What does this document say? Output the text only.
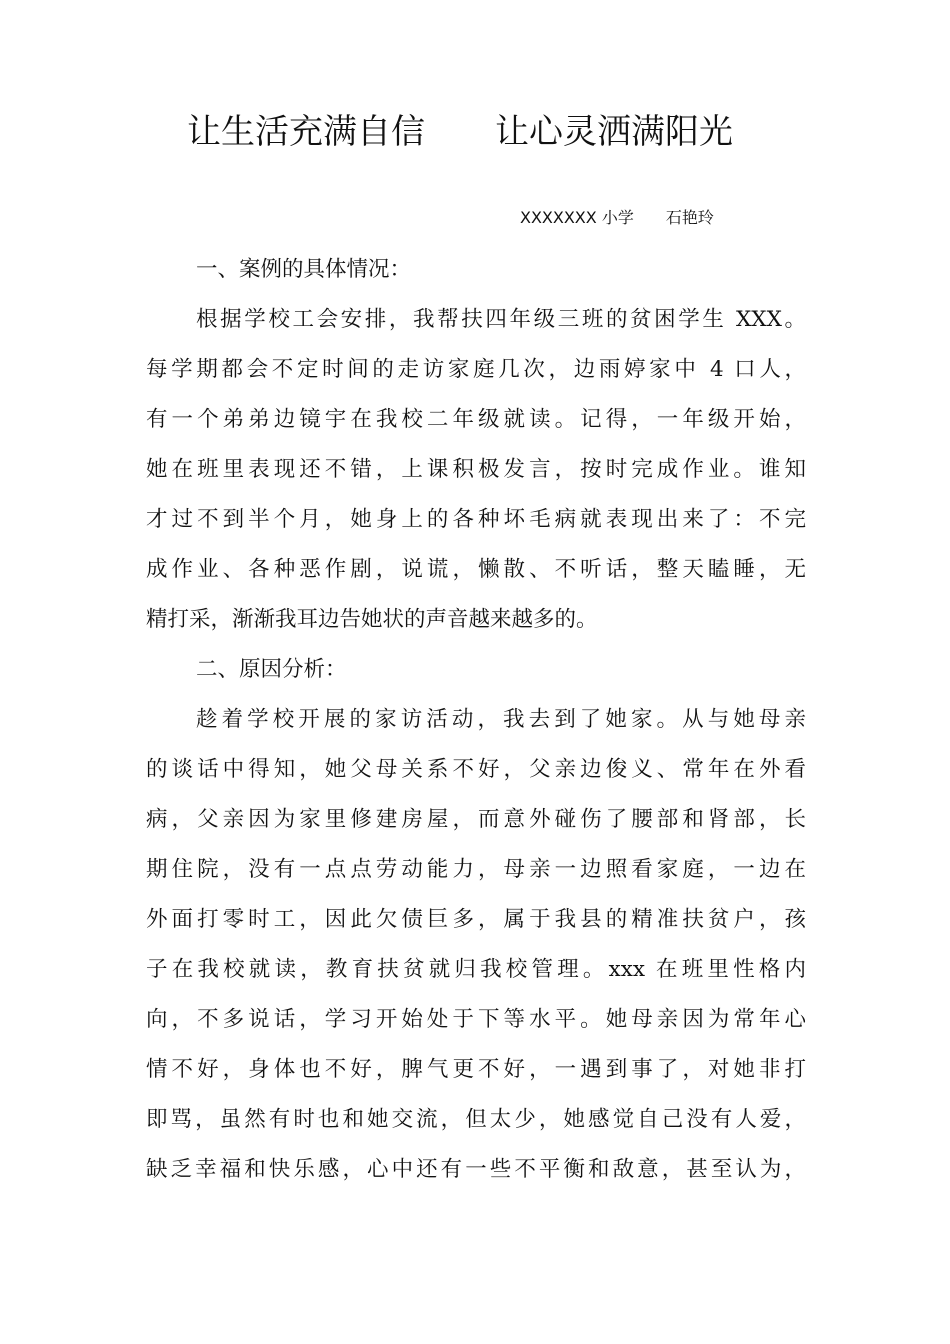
让生活充满自信 让心灵洒满阳光
XXXXXXX 小学 石艳玲
一、案例的具体情况：
根据学校工会安排，我帮扶四年级三班的贫困学生 XXX。
每学期都会不定时间的走访家庭几次，边雨婷家中 4 口人，
有一个弟弟边镜宇在我校二年级就读。记得，一年级开始，
她在班里表现还不错，上课积极发言，按时完成作业。谁知
才过不到半个月，她身上的各种坏毛病就表现出来了：不完
成作业、各种恶作剧，说谎，懒散、不听话，整天瞌睡，无
精打采，渐渐我耳边告她状的声音越来越多的。
二、原因分析：
趁着学校开展的家访活动，我去到了她家。从与她母亲
的谈话中得知，她父母关系不好，父亲边俊义、常年在外看
病，父亲因为家里修建房屋，而意外碰伤了腰部和肾部，长
期住院，没有一点点劳动能力，母亲一边照看家庭，一边在
外面打零时工，因此欠债巨多，属于我县的精准扶贫户，孩
子在我校就读，教育扶贫就归我校管理。xxx 在班里性格内
向，不多说话，学习开始处于下等水平。她母亲因为常年心
情不好，身体也不好，脾气更不好，一遇到事了，对她非打
即骂，虽然有时也和她交流，但太少，她感觉自己没有人爱，
缺乏幸福和快乐感，心中还有一些不平衡和敌意，甚至认为，
